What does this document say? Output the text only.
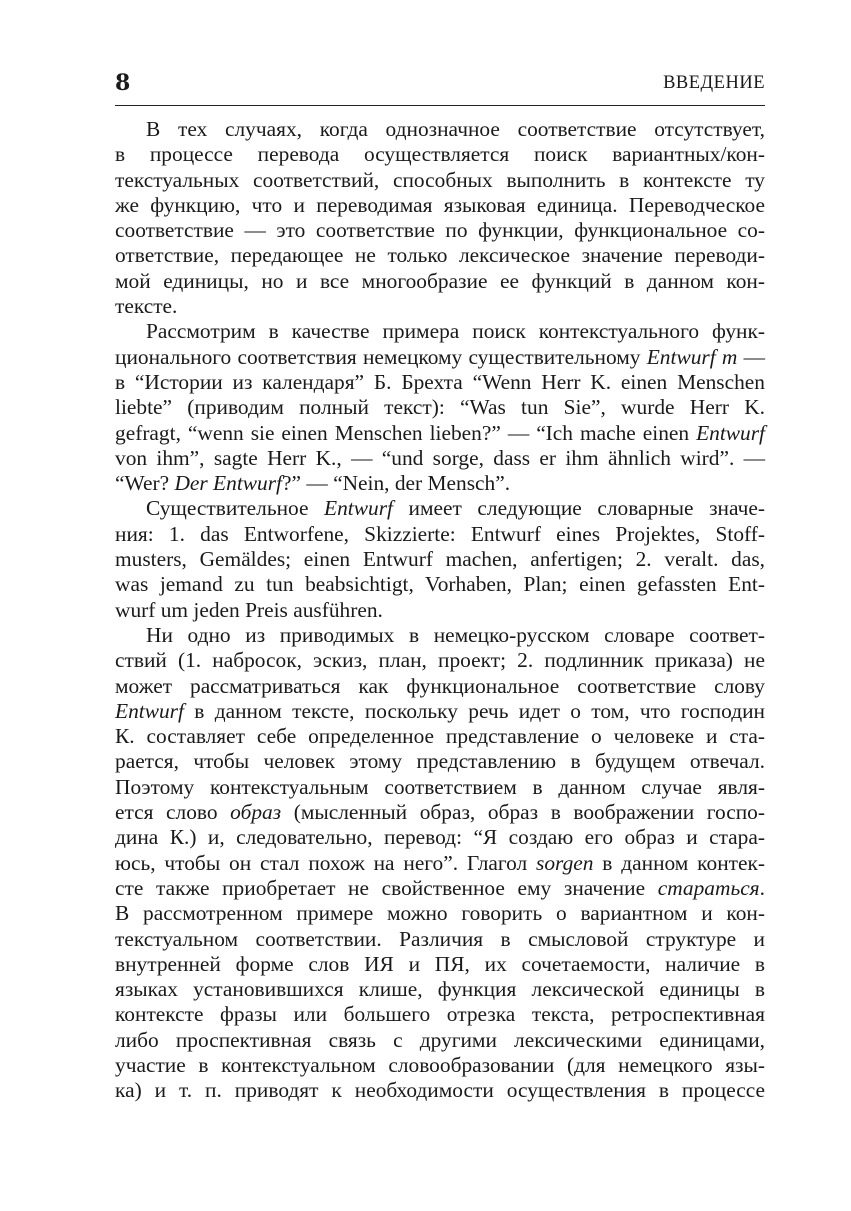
8	ВВЕДЕНИЕ
В тех случаях, когда однозначное соответствие отсутствует,
в процессе перевода осуществляется поиск вариантных/кон-
текстуальных соответствий, способных выполнить в контексте ту
же функцию, что и переводимая языковая единица. Переводческое
соответствие — это соответствие по функции, функциональное со-
ответствие, передающее не только лексическое значение переводи-
мой единицы, но и все многообразие ее функций в данном кон-
тексте.
Рассмотрим в качестве примера поиск контекстуального функ-
ционального соответствия немецкому существительному Entwurf m —
в “Истории из календаря” Б. Брехта “Wenn Herr K. einen Menschen
liebte” (приводим полный текст): “Was tun Sie”, wurde Herr K.
gefragt, “wenn sie einen Menschen lieben?” — “Ich mache einen Entwurf
von ihm”, sagte Herr K., — “und sorge, dass er ihm ähnlich wird”. —
“Wer? Der Entwurf?” — “Nein, der Mensch”.
Существительное Entwurf имеет следующие словарные значе-
ния: 1. das Entworfene, Skizzierte: Entwurf eines Projektes, Stoff-
musters, Gemäldes; einen Entwurf machen, anfertigen; 2. veralt. das,
was jemand zu tun beabsichtigt, Vorhaben, Plan; einen gefassten Ent-
wurf um jeden Preis ausführen.
Ни одно из приводимых в немецко-русском словаре соответ-
ствий (1. набросок, эскиз, план, проект; 2. подлинник приказа) не
может рассматриваться как функциональное соответствие слову
Entwurf в данном тексте, поскольку речь идет о том, что господин
К. составляет себе определенное представление о человеке и ста-
рается, чтобы человек этому представлению в будущем отвечал.
Поэтому контекстуальным соответствием в данном случае явля-
ется слово образ (мысленный образ, образ в воображении госпо-
дина К.) и, следовательно, перевод: “Я создаю его образ и стара-
юсь, чтобы он стал похож на него”. Глагол sorgen в данном контек-
сте также приобретает не свойственное ему значение стараться.
В рассмотренном примере можно говорить о вариантном и кон-
текстуальном соответствии. Различия в смысловой структуре и
внутренней форме слов ИЯ и ПЯ, их сочетаемости, наличие в
языках установившихся клише, функция лексической единицы в
контексте фразы или большего отрезка текста, ретроспективная
либо проспективная связь с другими лексическими единицами,
участие в контекстуальном словообразовании (для немецкого язы-
ка) и т. п. приводят к необходимости осуществления в процессе
